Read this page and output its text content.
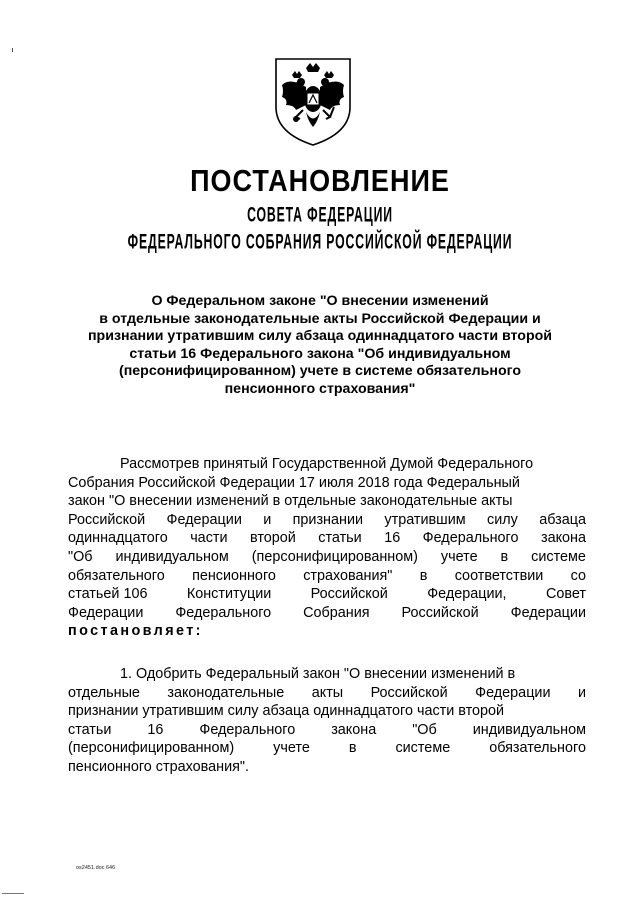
ПОСТАНОВЛЕНИЕ
СОВЕТА ФЕДЕРАЦИИ
ФЕДЕРАЛЬНОГО СОБРАНИЯ РОССИЙСКОЙ ФЕДЕРАЦИИ
О Федеральном законе "О внесении изменений
в отдельные законодательные акты Российской Федерации и
признании утратившим силу абзаца одиннадцатого части второй
статьи 16 Федерального закона "Об индивидуальном
(персонифицированном) учете в системе обязательного
пенсионного страхования"
Рассмотрев принятый Государственной Думой Федерального
Собрания Российской Федерации 17 июля 2018 года Федеральный
закон "О внесении изменений в отдельные законодательные акты
Российской Федерации и признании утратившим силу абзаца
одиннадцатого части второй статьи 16 Федерального закона
"Об индивидуальном (персонифицированном) учете в системе
обязательного пенсионного страхования" в соответствии со
статьей 106	Конституции	Российской	Федерации,	Совет
Федерации Федерального Собрания Российской Федерации
постановляет:
1. Одобрить Федеральный закон "О внесении изменений в
отдельные законодательные акты Российской Федерации и
признании утратившим силу абзаца одиннадцатого части второй
статьи 16 Федерального закона "Об индивидуальном
(персонифицированном)	учете	в	системе	обязательного
пенсионного страхования".
os2451.doc 646
